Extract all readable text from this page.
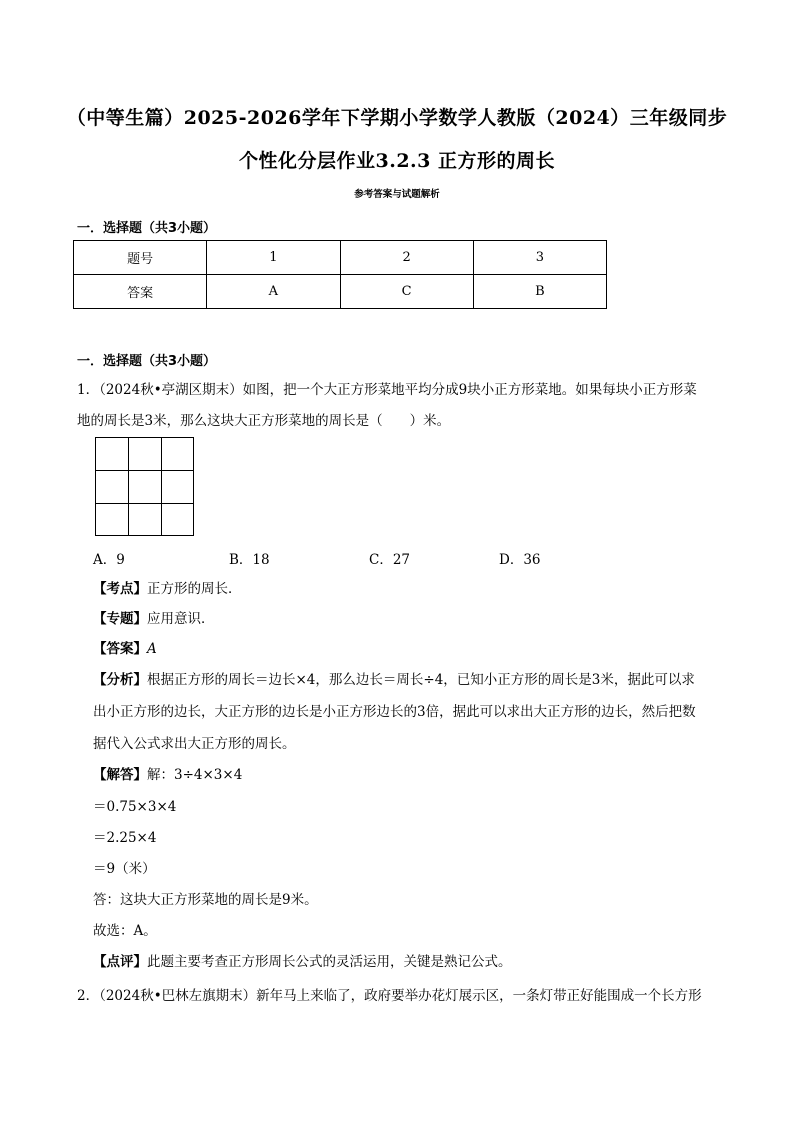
（中等生篇）2025-2026学年下学期小学数学人教版（2024）三年级同步
个性化分层作业3.2.3 正方形的周长
参考答案与试题解析
一．选择题（共3小题）
题号	1	2	3
答案	A	C	B
一．选择题（共3小题）
1．（2024秋•亭湖区期末）如图，把一个大正方形菜地平均分成9块小正方形菜地。如果每块小正方形菜
地的周长是3米，那么这块大正方形菜地的周长是（　　）米。
A．9	B．18	C．27	D．36
【考点】正方形的周长．
【专题】应用意识．
【答案】A
【分析】根据正方形的周长＝边长×4，那么边长＝周长÷4，已知小正方形的周长是3米，据此可以求
出小正方形的边长，大正方形的边长是小正方形边长的3倍，据此可以求出大正方形的边长，然后把数
据代入公式求出大正方形的周长。
【解答】解：3÷4×3×4
＝0.75×3×4
＝2.25×4
＝9（米）
答：这块大正方形菜地的周长是9米。
故选：A。
【点评】此题主要考查正方形周长公式的灵活运用，关键是熟记公式。
2．（2024秋•巴林左旗期末）新年马上来临了，政府要举办花灯展示区，一条灯带正好能围成一个长方形
